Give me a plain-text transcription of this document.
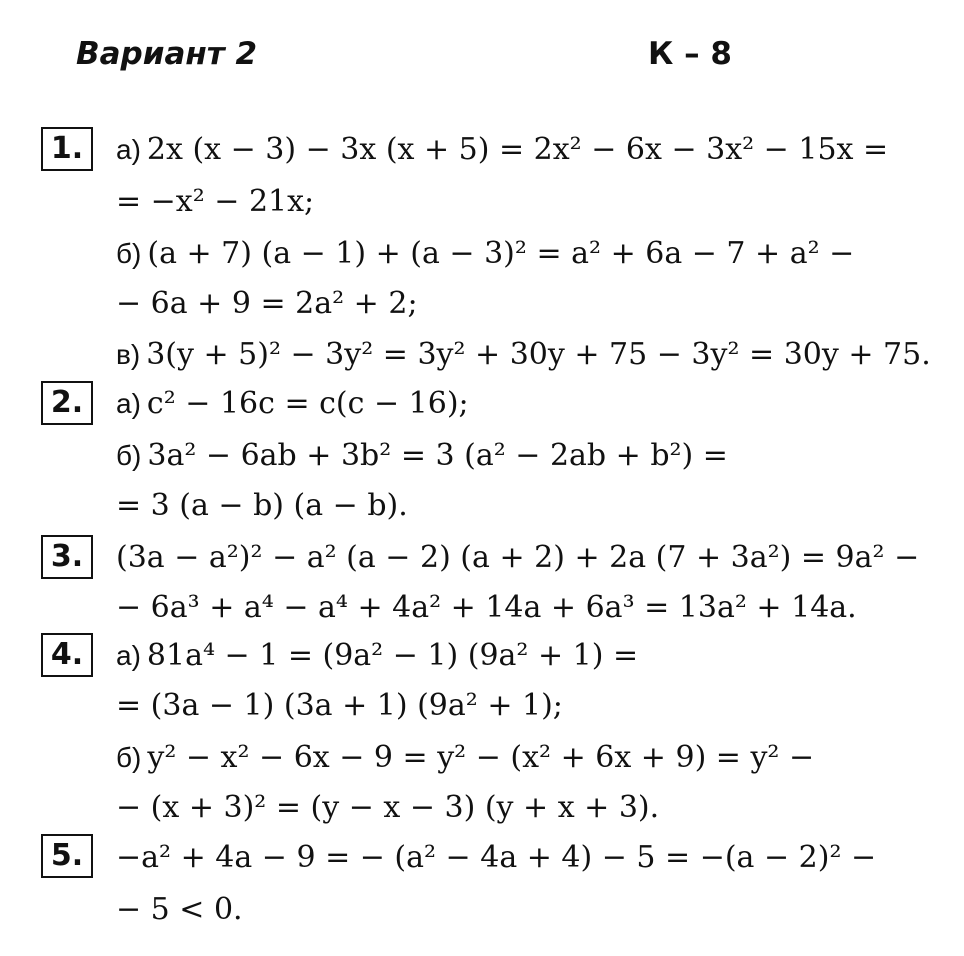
Вариант 2	К – 8
1.	а) 2x (x − 3) − 3x (x + 5) = 2x² − 6x − 3x² − 15x =
= −x² − 21x;
б) (a + 7) (a − 1) + (a − 3)² = a² + 6a − 7 + a² −
− 6a + 9 = 2a² + 2;
в) 3(y + 5)² − 3y² = 3y² + 30y + 75 − 3y² = 30y + 75.
2.	а) c² − 16c = c(c − 16);
б) 3a² − 6ab + 3b² = 3 (a² − 2ab + b²) =
= 3 (a − b) (a − b).
3.	(3a − a²)² − a² (a − 2) (a + 2) + 2a (7 + 3a²) = 9a² −
− 6a³ + a⁴ − a⁴ + 4a² + 14a + 6a³ = 13a² + 14a.
4.	а) 81a⁴ − 1 = (9a² − 1) (9a² + 1) =
= (3a − 1) (3a + 1) (9a² + 1);
б) y² − x² − 6x − 9 = y² − (x² + 6x + 9) = y² −
− (x + 3)² = (y − x − 3) (y + x + 3).
5.	−a² + 4a − 9 = − (a² − 4a + 4) − 5 = −(a − 2)² −
− 5 < 0.
